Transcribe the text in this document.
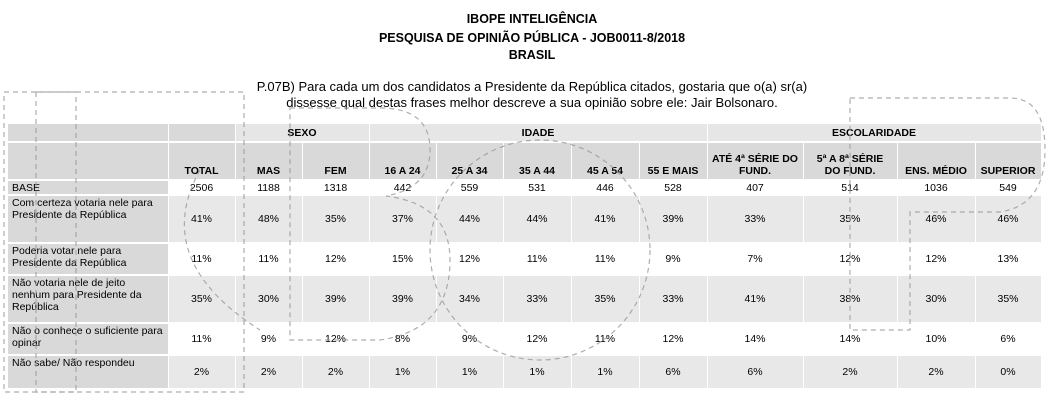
IBOPE INTELIGÊNCIA
PESQUISA DE OPINIÃO PÚBLICA - JOB0011-8/2018
BRASIL
P.07B) Para cada um dos candidatos a Presidente da República citados, gostaria que o(a) sr(a)
dissesse qual destas frases melhor descreve a sua opinião sobre ele: Jair Bolsonaro.
		SEXO		IDADE					ESCOLARIDADE			
	TOTAL	MAS	FEM	16 A 24	25 A 34	35 A 44	45 A 54	55 E MAIS	ATÉ 4ª SÉRIE DO FUND.	5ª A 8ª SÉRIE DO FUND.	ENS. MÉDIO	SUPERIOR
BASE	2506	1188	1318	442	559	531	446	528	407	514	1036	549
Com certeza votaria nele para Presidente da República	41%	48%	35%	37%	44%	44%	41%	39%	33%	35%	46%	46%
Poderia votar nele para Presidente da República	11%	11%	12%	15%	12%	11%	11%	9%	7%	12%	12%	13%
Não votaria nele de jeito nenhum para Presidente da República	35%	30%	39%	39%	34%	33%	35%	33%	41%	38%	30%	35%
Não o conhece o suficiente para opinar	11%	9%	12%	8%	9%	12%	11%	12%	14%	14%	10%	6%
Não sabe/ Não respondeu	2%	2%	2%	1%	1%	1%	1%	6%	6%	2%	2%	0%
